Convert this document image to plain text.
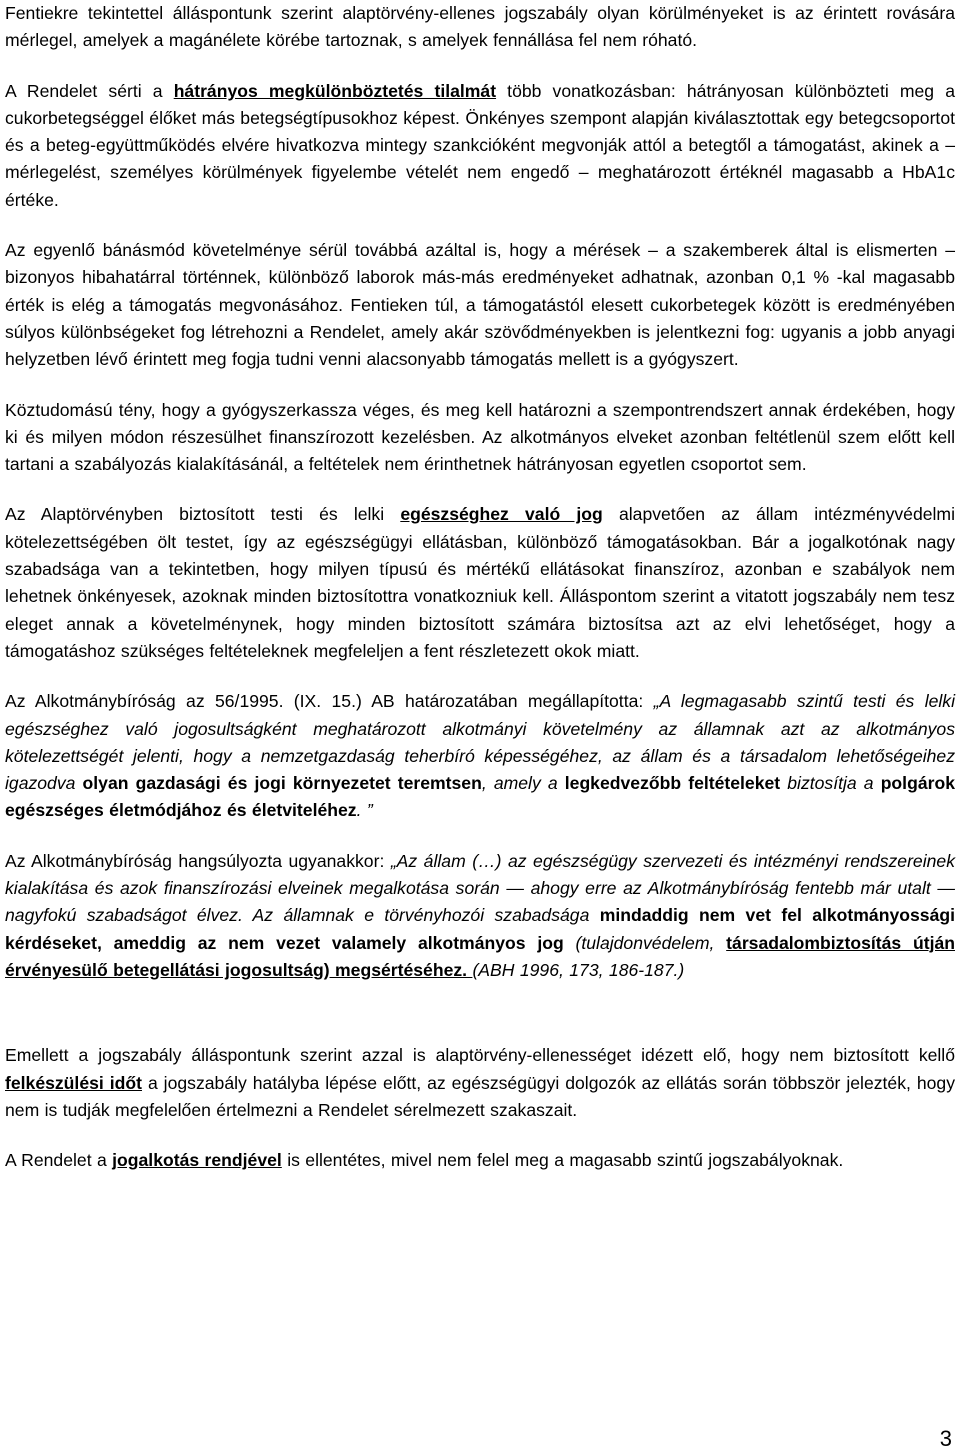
Fentiekre tekintettel álláspontunk szerint alaptörvény-ellenes jogszabály olyan körülményeket is az érintett rovására mérlegel, amelyek a magánélete körébe tartoznak, s amelyek fennállása fel nem róható.

A Rendelet sérti a hátrányos megkülönböztetés tilalmát több vonatkozásban: hátrányosan különbözteti meg a cukorbetegséggel élőket más betegségtípusokhoz képest. Önkényes szempont alapján kiválasztottak egy betegcsoportot és a beteg-együttműködés elvére hivatkozva mintegy szankcióként megvonják attól a betegtől a támogatást, akinek a – mérlegelést, személyes körülmények figyelembe vételét nem engedő – meghatározott értéknél magasabb a HbA1c értéke.

Az egyenlő bánásmód követelménye sérül továbbá azáltal is, hogy a mérések – a szakemberek által is elismerten – bizonyos hibahatárral történnek, különböző laborok más-más eredményeket adhatnak, azonban 0,1 % -kal magasabb érték is elég a támogatás megvonásához. Fentieken túl, a támogatástól elesett cukorbetegek között is eredményében súlyos különbségeket fog létrehozni a Rendelet, amely akár szövődményekben is jelentkezni fog: ugyanis a jobb anyagi helyzetben lévő érintett meg fogja tudni venni alacsonyabb támogatás mellett is a gyógyszert.

Köztudomású tény, hogy a gyógyszerkassza véges, és meg kell határozni a szempontrendszert annak érdekében, hogy ki és milyen módon részesülhet finanszírozott kezelésben. Az alkotmányos elveket azonban feltétlenül szem előtt kell tartani a szabályozás kialakításánál, a feltételek nem érinthetnek hátrányosan egyetlen csoportot sem.

Az Alaptörvényben biztosított testi és lelki egészséghez való jog alapvetően az állam intézményvédelmi kötelezettségében ölt testet, így az egészségügyi ellátásban, különböző támogatásokban. Bár a jogalkotónak nagy szabadsága van a tekintetben, hogy milyen típusú és mértékű ellátásokat finanszíroz, azonban e szabályok nem lehetnek önkényesek, azoknak minden biztosítottra vonatkozniuk kell. Álláspontom szerint a vitatott jogszabály nem tesz eleget annak a követelménynek, hogy minden biztosított számára biztosítsa azt az elvi lehetőséget, hogy a támogatáshoz szükséges feltételeknek megfeleljen a fent részletezett okok miatt.

Az Alkotmánybíróság az 56/1995. (IX. 15.) AB határozatában megállapította: „A legmagasabb szintű testi és lelki egészséghez való jogosultságként meghatározott alkotmányi követelmény az államnak azt az alkotmányos kötelezettségét jelenti, hogy a nemzetgazdaság teherbíró képességéhez, az állam és a társadalom lehetőségeihez igazodva olyan gazdasági és jogi környezetet teremtsen, amely a legkedvezőbb feltételeket biztosítja a polgárok egészséges életmódjához és életviteléhez. ”

Az Alkotmánybíróság hangsúlyozta ugyanakkor: „Az állam (…) az egészségügy szervezeti és intézményi rendszereinek kialakítása és azok finanszírozási elveinek megalkotása során — ahogy erre az Alkotmánybíróság fentebb már utalt — nagyfokú szabadságot élvez. Az államnak e törvényhozói szabadsága mindaddig nem vet fel alkotmányossági kérdéseket, ameddig az nem vezet valamely alkotmányos jog (tulajdonvédelem, társadalombiztosítás útján érvényesülő betegellátási jogosultság) megsértéséhez. (ABH 1996, 173, 186-187.)

Emellett a jogszabály álláspontunk szerint azzal is alaptörvény-ellenességet idézett elő, hogy nem biztosított kellő felkészülési időt a jogszabály hatályba lépése előtt, az egészségügyi dolgozók az ellátás során többször jelezték, hogy nem is tudják megfelelően értelmezni a Rendelet sérelmezett szakaszait.

A Rendelet a jogalkotás rendjével is ellentétes, mivel nem felel meg a magasabb szintű jogszabályoknak.

3
